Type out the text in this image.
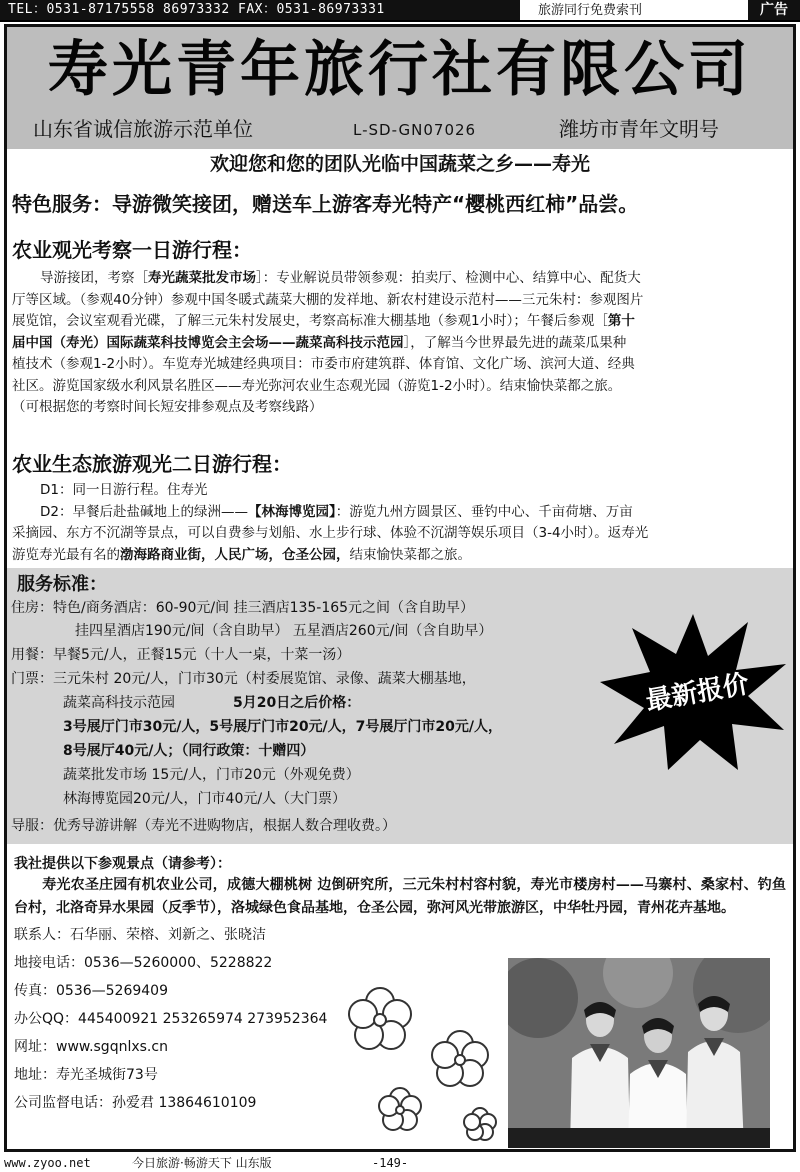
TEL：0531-87175558 86973332 FAX：0531-86973331	旅游同行免费索刊	广告
寿光青年旅行社有限公司
山东省诚信旅游示范单位	L-SD-GN07026	潍坊市青年文明号
欢迎您和您的团队光临中国蔬菜之乡——寿光
特色服务：导游微笑接团，赠送车上游客寿光特产“樱桃西红柿”品尝。
农业观光考察一日游行程：
导游接团，考察［寿光蔬菜批发市场］：专业解说员带领参观：拍卖厅、检测中心、结算中心、配货大
厅等区域。（参观40分钟）参观中国冬暖式蔬菜大棚的发祥地、新农村建设示范村——三元朱村：参观图片
展览馆，会议室观看光碟，了解三元朱村发展史，考察高标准大棚基地（参观1小时）；午餐后参观［第十
届中国（寿光）国际蔬菜科技博览会主会场——蔬菜高科技示范园］，了解当今世界最先进的蔬菜瓜果种
植技术（参观1-2小时）。车览寿光城建经典项目：市委市府建筑群、体育馆、文化广场、滨河大道、经典
社区。游览国家级水利风景名胜区——寿光弥河农业生态观光园（游览1-2小时）。结束愉快菜都之旅。
（可根据您的考察时间长短安排参观点及考察线路）
农业生态旅游观光二日游行程：
D1：同一日游行程。住寿光
D2：早餐后赴盐碱地上的绿洲——【林海博览园】：游览九州方圆景区、垂钓中心、千亩荷塘、万亩
采摘园、东方不沉湖等景点，可以自费参与划船、水上步行球、体验不沉湖等娱乐项目（3-4小时）。返寿光
游览寿光最有名的渤海路商业街，人民广场，仓圣公园，结束愉快菜都之旅。
服务标准：
住房：特色/商务酒店：60-90元/间 挂三酒店135-165元之间（含自助早）
挂四星酒店190元/间（含自助早） 五星酒店260元/间（含自助早）
用餐：早餐5元/人，正餐15元（十人一桌，十菜一汤）
门票：三元朱村 20元/人，门市30元（村委展览馆、录像、蔬菜大棚基地，
蔬菜高科技示范园	5月20日之后价格：
3号展厅门市30元/人，5号展厅门市20元/人，7号展厅门市20元/人，
8号展厅40元/人；（同行政策：十赠四）
蔬菜批发市场 15元/人，门市20元（外观免费）
林海博览园20元/人，门市40元/人（大门票）
导服：优秀导游讲解（寿光不进购物店，根据人数合理收费。）
最新报价
我社提供以下参观景点（请参考）：
寿光农圣庄园有机农业公司，成德大棚桃树 边倒研究所，三元朱村村容村貌，寿光市楼房村——马寨村、桑家村、钓鱼台村，北洛奇异水果园（反季节），洛城绿色食品基地，仓圣公园，弥河风光带旅游区，中华牡丹园，青州花卉基地。
联系人：石华丽、荣榕、刘新之、张晓洁
地接电话：0536—5260000、5228822
传真：0536—5269409
办公QQ：445400921 253265974 273952364
网址：www.sgqnlxs.cn
地址：寿光圣城街73号
公司监督电话：孙爱君 13864610109
www.zyoo.net	今日旅游·畅游天下 山东版	-149-
